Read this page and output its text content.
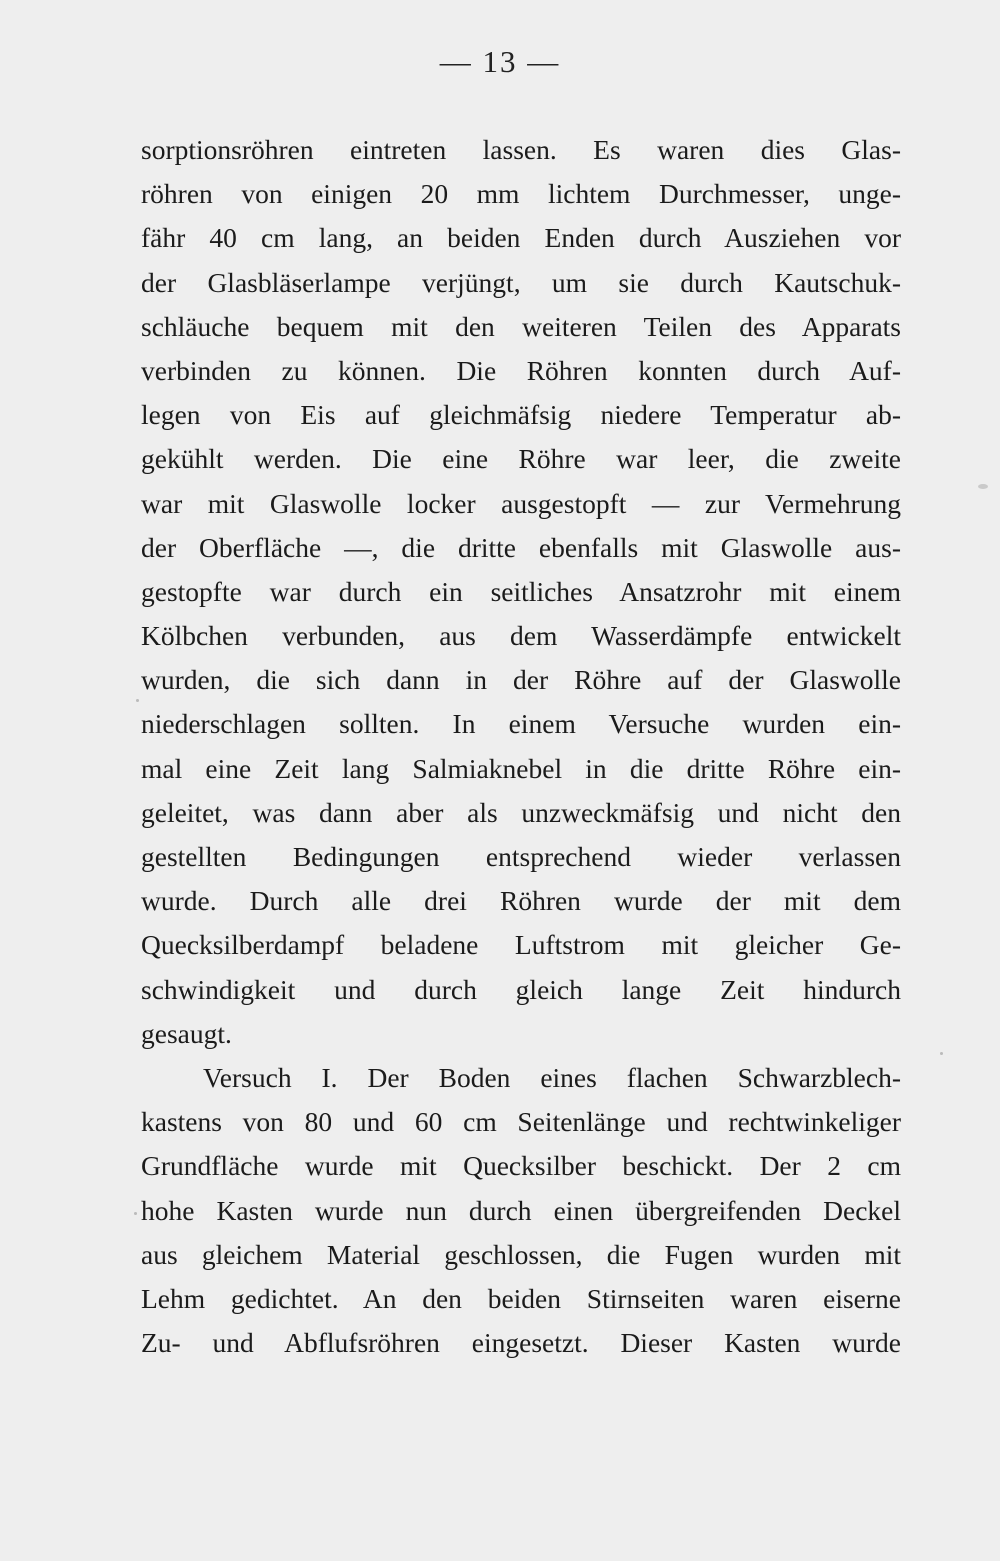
— 13 —
sorptionsröhren eintreten lassen. Es waren dies Glas-
röhren von einigen 20 mm lichtem Durchmesser, unge-
fähr 40 cm lang, an beiden Enden durch Ausziehen vor
der Glasbläserlampe verjüngt, um sie durch Kautschuk-
schläuche bequem mit den weiteren Teilen des Apparats
verbinden zu können. Die Röhren konnten durch Auf-
legen von Eis auf gleichmäfsig niedere Temperatur ab-
gekühlt werden. Die eine Röhre war leer, die zweite
war mit Glaswolle locker ausgestopft — zur Vermehrung
der Oberfläche —, die dritte ebenfalls mit Glaswolle aus-
gestopfte war durch ein seitliches Ansatzrohr mit einem
Kölbchen verbunden, aus dem Wasserdämpfe entwickelt
wurden, die sich dann in der Röhre auf der Glaswolle
niederschlagen sollten. In einem Versuche wurden ein-
mal eine Zeit lang Salmiaknebel in die dritte Röhre ein-
geleitet, was dann aber als unzweckmäfsig und nicht den
gestellten Bedingungen entsprechend wieder verlassen
wurde. Durch alle drei Röhren wurde der mit dem
Quecksilberdampf beladene Luftstrom mit gleicher Ge-
schwindigkeit und durch gleich lange Zeit hindurch
gesaugt.
Versuch I. Der Boden eines flachen Schwarzblech-
kastens von 80 und 60 cm Seitenlänge und rechtwinkeliger
Grundfläche wurde mit Quecksilber beschickt. Der 2 cm
hohe Kasten wurde nun durch einen übergreifenden Deckel
aus gleichem Material geschlossen, die Fugen wurden mit
Lehm gedichtet. An den beiden Stirnseiten waren eiserne
Zu- und Abflufsröhren eingesetzt. Dieser Kasten wurde
